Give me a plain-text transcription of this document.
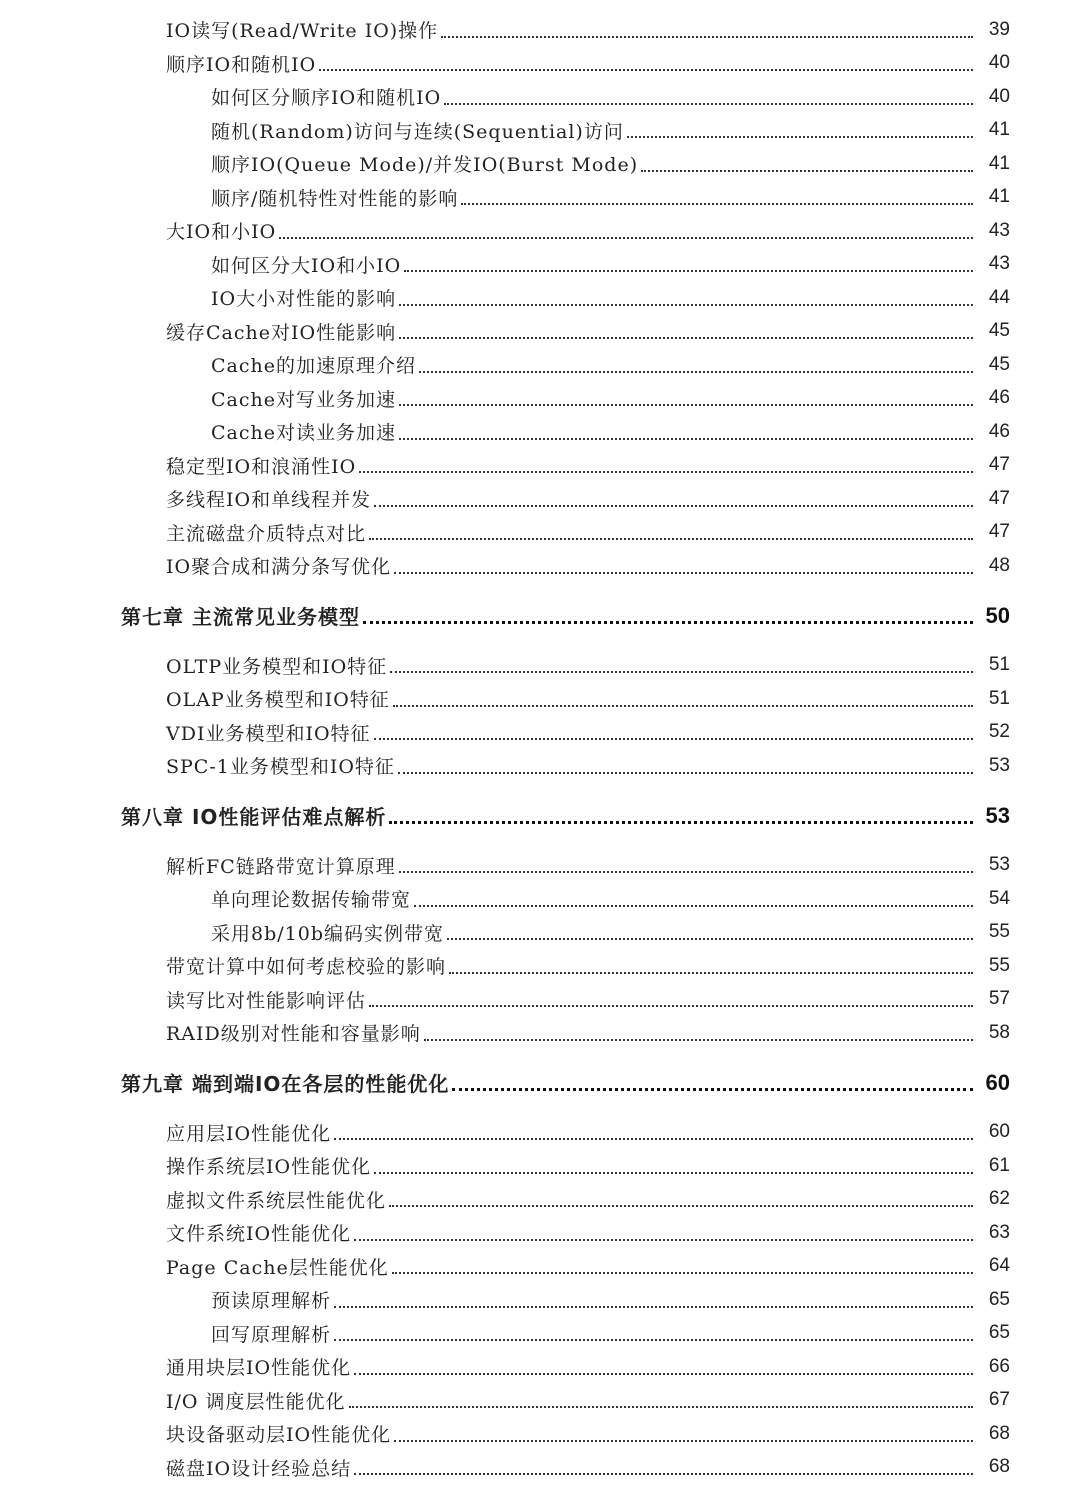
IO读写(Read/Write IO)操作	39
顺序IO和随机IO	40
如何区分顺序IO和随机IO	40
随机(Random)访问与连续(Sequential)访问	41
顺序IO(Queue Mode)/并发IO(Burst Mode)	41
顺序/随机特性对性能的影响	41
大IO和小IO	43
如何区分大IO和小IO	43
IO大小对性能的影响	44
缓存Cache对IO性能影响	45
Cache的加速原理介绍	45
Cache对写业务加速	46
Cache对读业务加速	46
稳定型IO和浪涌性IO	47
多线程IO和单线程并发	47
主流磁盘介质特点对比	47
IO聚合成和满分条写优化	48
第七章 主流常见业务模型	50
OLTP业务模型和IO特征	51
OLAP业务模型和IO特征	51
VDI业务模型和IO特征	52
SPC-1业务模型和IO特征	53
第八章 IO性能评估难点解析	53
解析FC链路带宽计算原理	53
单向理论数据传输带宽	54
采用8b/10b编码实例带宽	55
带宽计算中如何考虑校验的影响	55
读写比对性能影响评估	57
RAID级别对性能和容量影响	58
第九章 端到端IO在各层的性能优化	60
应用层IO性能优化	60
操作系统层IO性能优化	61
虚拟文件系统层性能优化	62
文件系统IO性能优化	63
Page Cache层性能优化	64
预读原理解析	65
回写原理解析	65
通用块层IO性能优化	66
I/O 调度层性能优化	67
块设备驱动层IO性能优化	68
磁盘IO设计经验总结	68
